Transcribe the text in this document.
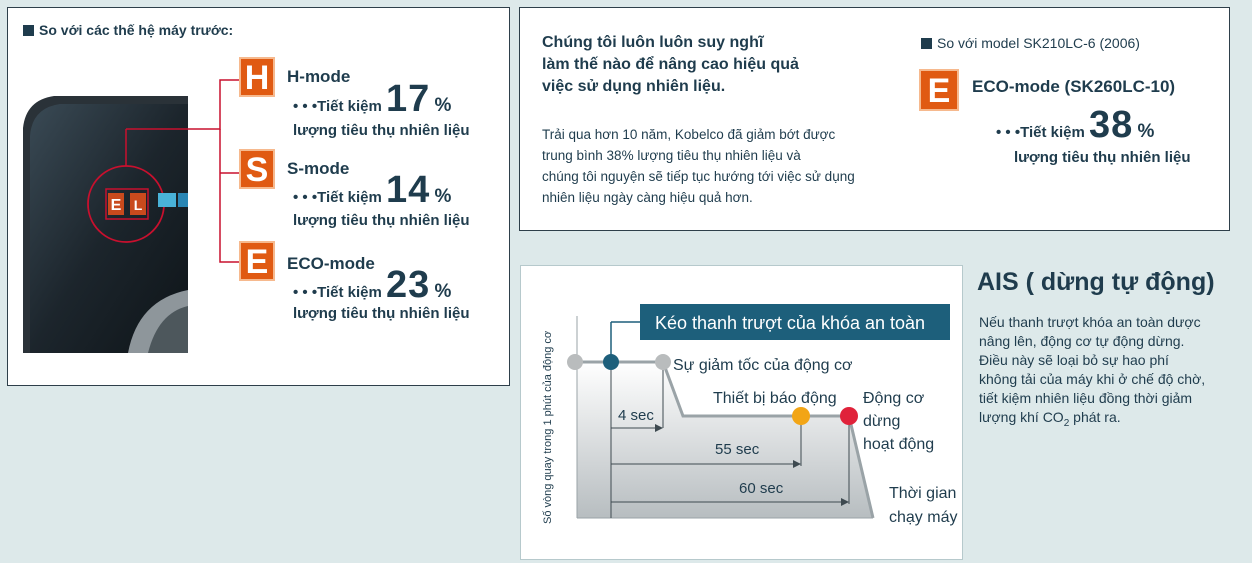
So với các thế hệ máy trước:
E L
H	H-mode
• • •Tiết kiệm 17 %
lượng tiêu thụ nhiên liệu
S	S-mode
• • •Tiết kiệm 14 %
lượng tiêu thụ nhiên liệu
E	ECO-mode
• • •Tiết kiệm 23 %
lượng tiêu thụ nhiên liệu
Chúng tôi luôn luôn suy nghĩ
làm thế nào để nâng cao hiệu quả
việc sử dụng nhiên liệu.
Trải qua hơn 10 năm, Kobelco đã giảm bớt được
trung bình 38% lượng tiêu thụ nhiên liệu và
chúng tôi nguyện sẽ tiếp tục hướng tới việc sử dụng
nhiên liệu ngày càng hiệu quả hơn.
So với model SK210LC-6 (2006)
E	ECO-mode (SK260LC-10)
• • •Tiết kiệm 38 %
lượng tiêu thụ nhiên liệu
Kéo thanh trượt của khóa an toàn
Sự giảm tốc của động cơ
Thiết bị báo động Động cơ
dừng
hoạt động
4 sec
55 sec
60 sec	Thời gian
chạy máy
Số vòng quay trong 1 phút của động cơ
AIS ( dừng tự động)
Nếu thanh trượt khóa an toàn dược
nâng lên, động cơ tự động dừng.
Điều này sẽ loại bỏ sự hao phí
không tải của máy khi ở chế độ chờ,
tiết kiệm nhiên liệu đồng thời giảm
lượng khí $CO_2$ phát ra.
